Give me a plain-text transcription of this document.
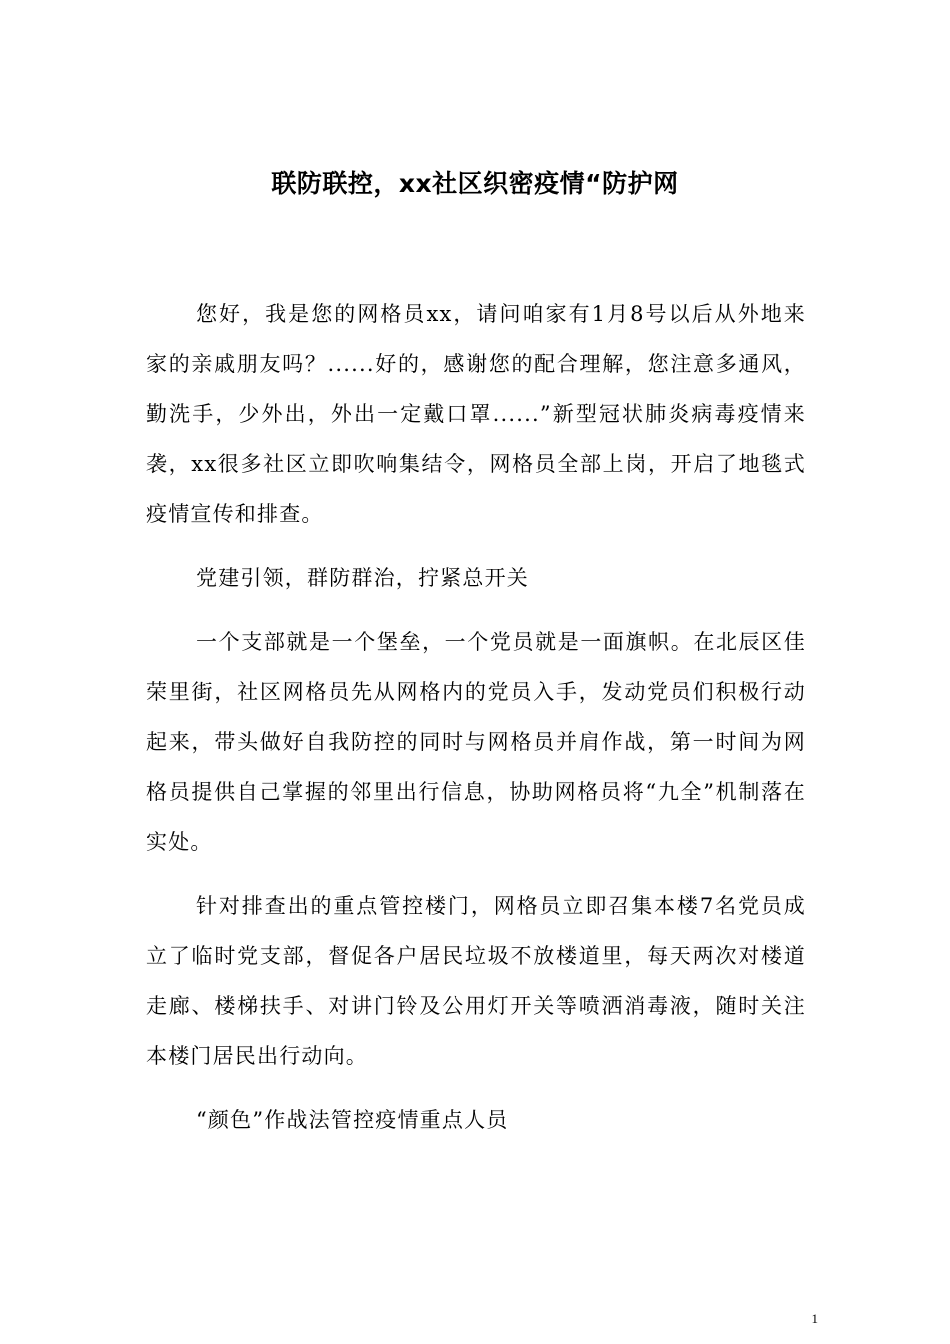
联防联控，xx社区织密疫情“防护网

您好，我是您的网格员xx，请问咱家有1月8号以后从外地来家的亲戚朋友吗？......好的，感谢您的配合理解，您注意多通风，勤洗手，少外出，外出一定戴口罩......”新型冠状肺炎病毒疫情来袭，xx很多社区立即吹响集结令，网格员全部上岗，开启了地毯式疫情宣传和排查。

党建引领，群防群治，拧紧总开关

一个支部就是一个堡垒，一个党员就是一面旗帜。在北辰区佳荣里街，社区网格员先从网格内的党员入手，发动党员们积极行动起来，带头做好自我防控的同时与网格员并肩作战，第一时间为网格员提供自己掌握的邻里出行信息，协助网格员将“九全”机制落在实处。

针对排查出的重点管控楼门，网格员立即召集本楼7名党员成立了临时党支部，督促各户居民垃圾不放楼道里，每天两次对楼道走廊、楼梯扶手、对讲门铃及公用灯开关等喷洒消毒液，随时关注本楼门居民出行动向。

“颜色”作战法管控疫情重点人员

1
